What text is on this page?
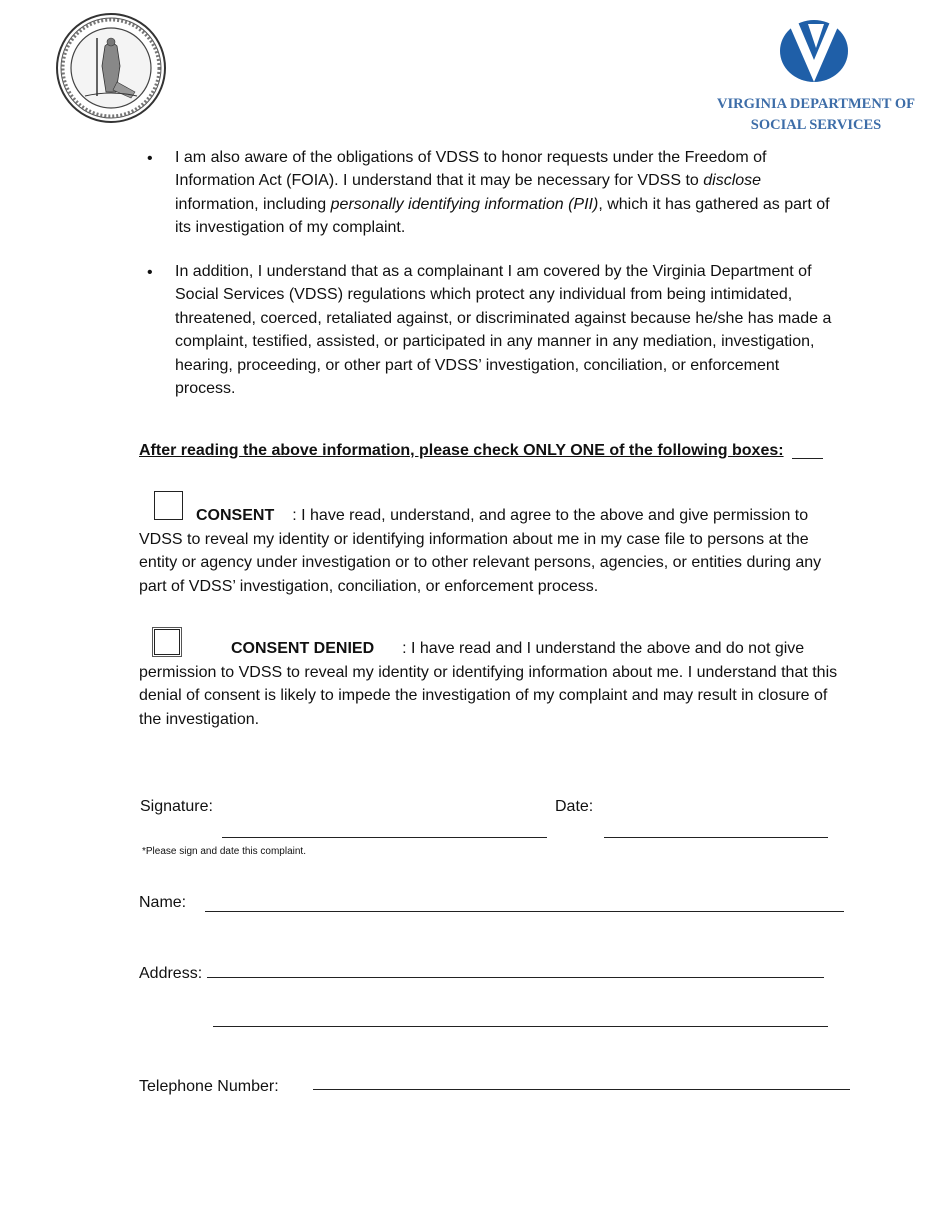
VIRGINIA DEPARTMENT OF
SOCIAL SERVICES
• I am also aware of the obligations of VDSS to honor requests under the Freedom of Information Act (FOIA). I understand that it may be necessary for VDSS to disclose information, including personally identifying information (PII), which it has gathered as part of its investigation of my complaint.
• In addition, I understand that as a complainant I am covered by the Virginia Department of Social Services (VDSS) regulations which protect any individual from being intimidated, threatened, coerced, retaliated against, or discriminated against because he/she has made a complaint, testified, assisted, or participated in any manner in any mediation, investigation, hearing, proceeding, or other part of VDSS’ investigation, conciliation, or enforcement process.
After reading the above information, please check ONLY ONE of the following boxes:
CONSENT : I have read, understand, and agree to the above and give permission to VDSS to reveal my identity or identifying information about me in my case file to persons at the entity or agency under investigation or to other relevant persons, agencies, or entities during any part of VDSS’ investigation, conciliation, or enforcement process.
CONSENT DENIED : I have read and I understand the above and do not give permission to VDSS to reveal my identity or identifying information about me. I understand that this denial of consent is likely to impede the investigation of my complaint and may result in closure of the investigation.
Signature:	Date:
*Please sign and date this complaint.
Name:
Address:
Telephone Number:
